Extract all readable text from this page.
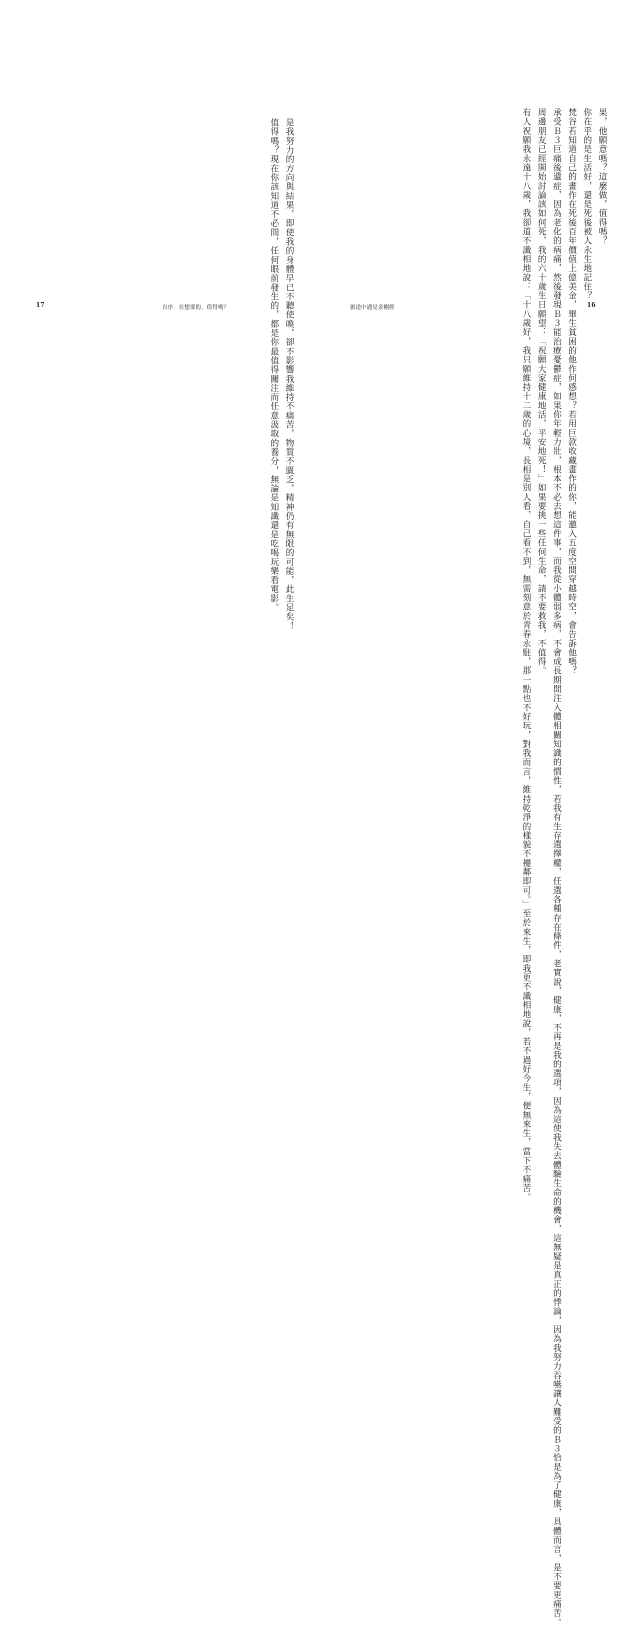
是我努力的方向與結果，即使我的身體早已不聽使喚，卻不影響我維持不痛苦，物質不匱乏，精神仍有無限的可能，此生足矣！
值得嗎？現在你該知道不必問，任何眼前發生的，都是你最值得關注而任意汲取的養分，無論是知識還是吃喝玩樂看電影。
17	自序　在想要的，值得嗎？
果，他願意嗎？這麼做，值得嗎？
你在乎的是生活好，還是死後被人永生地記住？
梵谷若知道自己的畫作在死後百年價值上億美金，畢生貧困的他作何感想？若用巨款收藏畫作的你，能邀入五度空間穿越時空，會告訴他嗎？
承受Ｂ３巨痛後遺症，因為老化的病痛，然後發現Ｂ３能治療憂鬱症，如果你年輕力壯，根本不必去想這件事，而我從小體弱多病，不會成長期間注入體相關知識的慣性，若我有生存選擇權，任選各種存在條件，老實說，健康，不再是我的選項，因為這使我失去體驗生命的機會，這無疑是真正的悸論，因為我努力吞嚥讓人難受的Ｂ３恰是為了健康，具體而言，是不要更痛苦。
周邊朋友已經開始討論該如何死，我的六十歲生日願望：「祝願大家健康地活，平安地死！」如果要挑一些任何生命，請不要救我，不值得。
有人祝願我永遠十八歲，我卻道不識相地說：「十八歲好，我只願維持十二歲的心境，長相是別人看，自己看不到，無需刻意於青春永駐，那一點也不好玩，對我而言，維持乾淨的樣貌不擾鄰即可。」至於來生，即我更不識相地說，若不過好今生，便無來生，當下不痛苦。
旅途中遇見金剛經	16
